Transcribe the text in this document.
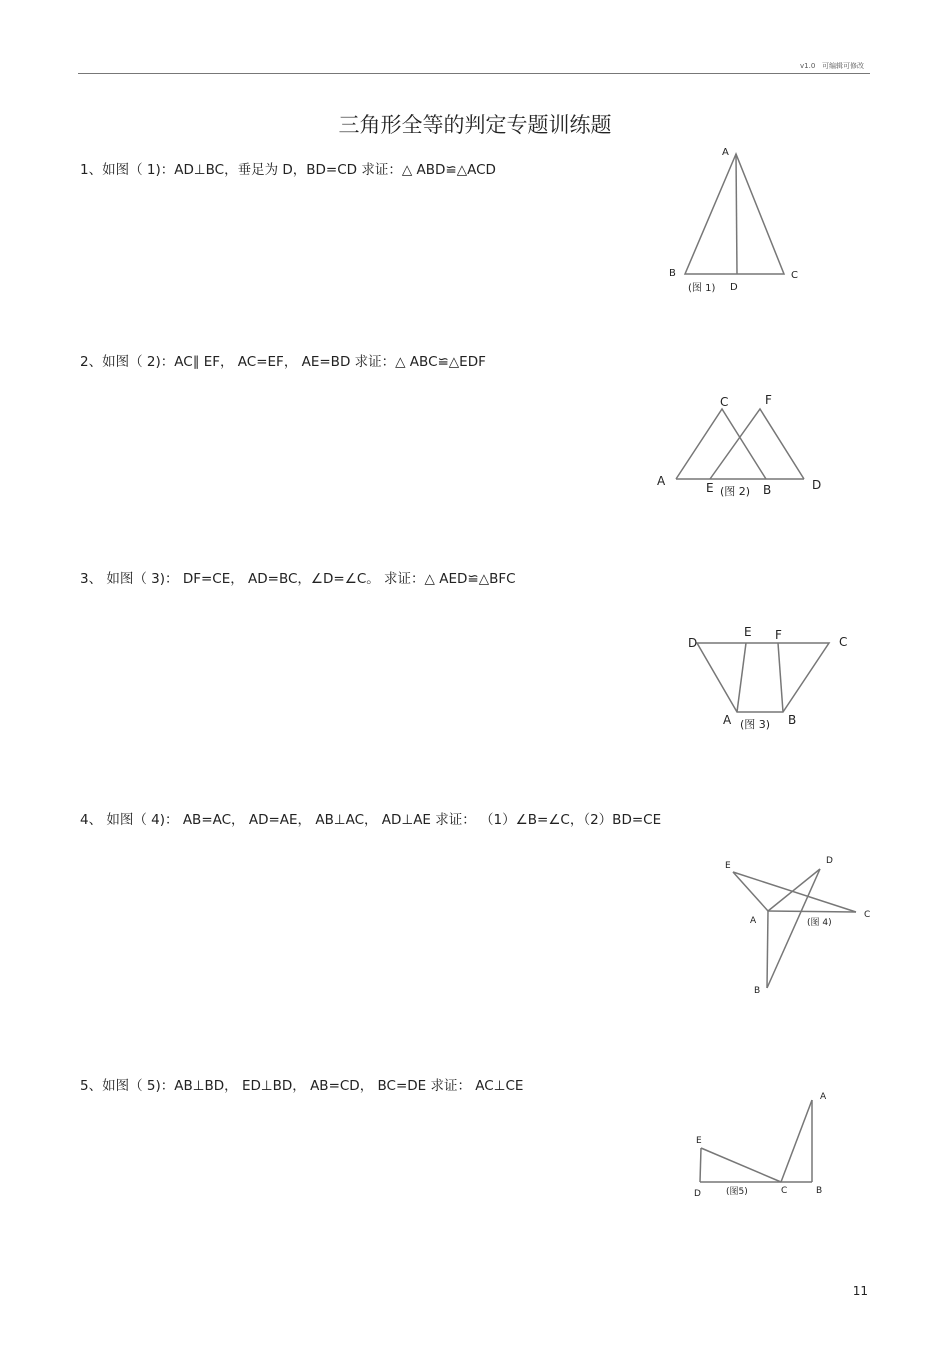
v1.0 可编辑可修改
三角形全等的判定专题训练题
1、如图（ 1)：AD⊥BC，垂足为 D，BD=CD 求证：△ ABD≌△ACD
A
B	C
D
(图 1)
2、如图（ 2)：AC∥ EF， AC=EF， AE=BD 求证：△ ABC≌△EDF
C	F
A	E (图 2) B	D
3、 如图（ 3)： DF=CE， AD=BC，∠D=∠C。 求证：△ AED≌△BFC
D
E F	C
A (图 3) B
4、 如图（ 4)： AB=AC， AD=AE， AB⊥AC， AD⊥AE 求证： （1）∠B=∠C，（2）BD=CE
E	D
A
C
(图 4)
B
5、如图（ 5)：AB⊥BD， ED⊥BD， AB=CD， BC=DE 求证： AC⊥CE
A
E
D	(图5)	C	B
11
